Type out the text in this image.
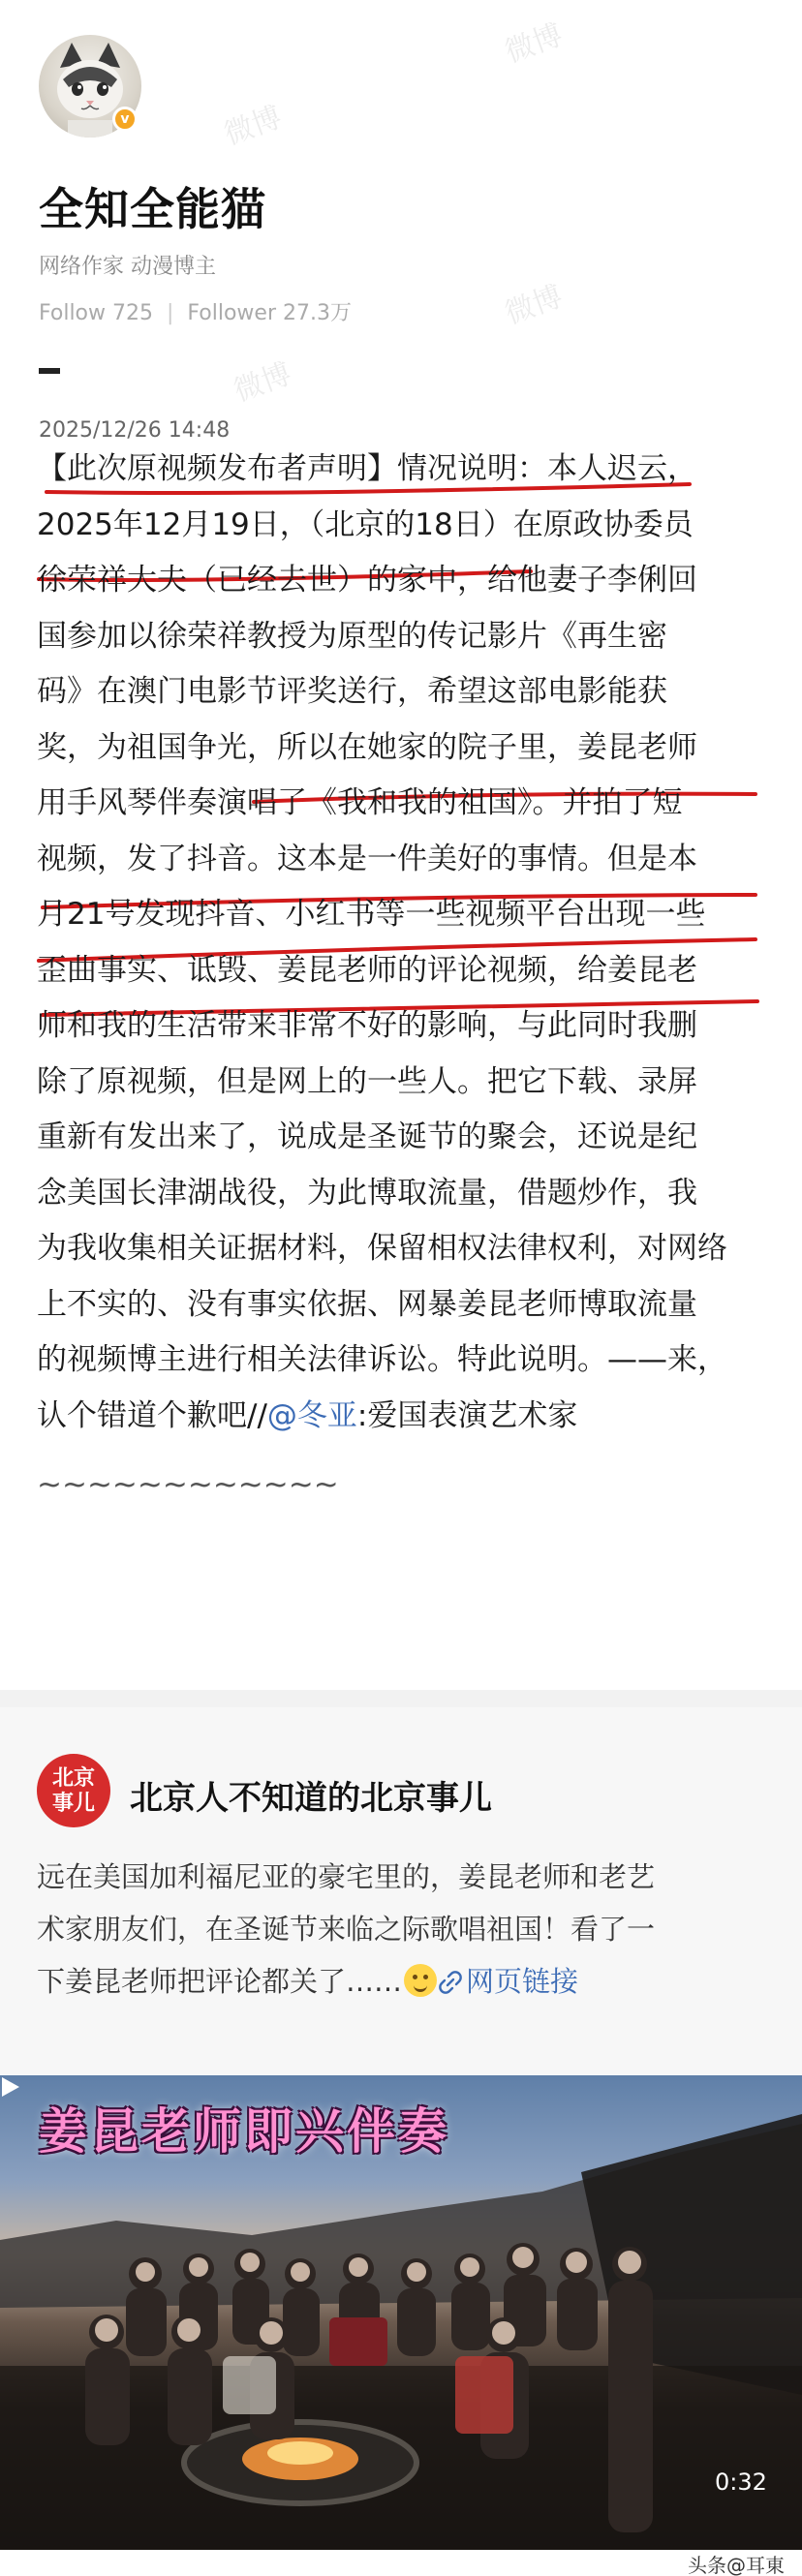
微博
微博
微博
微博
v
全知全能猫
网络作家 动漫博主
Follow 725 | Follower 27.3万
2025/12/26 14:48
【此次原视频发布者声明】情况说明：本人迟云，
2025年12月19日，（北京的18日）在原政协委员
徐荣祥大夫（已经去世）的家中，给他妻子李俐回
国参加以徐荣祥教授为原型的传记影片《再生密
码》在澳门电影节评奖送行，希望这部电影能获
奖，为祖国争光，所以在她家的院子里，姜昆老师
用手风琴伴奏演唱了《我和我的祖国》。并拍了短
视频，发了抖音。这本是一件美好的事情。但是本
月21号发现抖音、小红书等一些视频平台出现一些
歪曲事实、诋毁、姜昆老师的评论视频，给姜昆老
师和我的生活带来非常不好的影响，与此同时我删
除了原视频，但是网上的一些人。把它下载、录屏
重新有发出来了，说成是圣诞节的聚会，还说是纪
念美国长津湖战役，为此博取流量，借题炒作，我
为我收集相关证据材料，保留相权法律权利，对网络
上不实的、没有事实依据、网暴姜昆老师博取流量
的视频博主进行相关法律诉讼。特此说明。——来，
认个错道个歉吧//@冬亚:爱国表演艺术家
~~~~~~~~~~~~
北京
事儿	北京人不知道的北京事儿
远在美国加利福尼亚的豪宅里的，姜昆老师和老艺
术家朋友们，在圣诞节来临之际歌唱祖国！看了一
下姜昆老师把评论都关了…… 网页链接
姜昆老师即兴伴奏
0:32
头条@耳東
